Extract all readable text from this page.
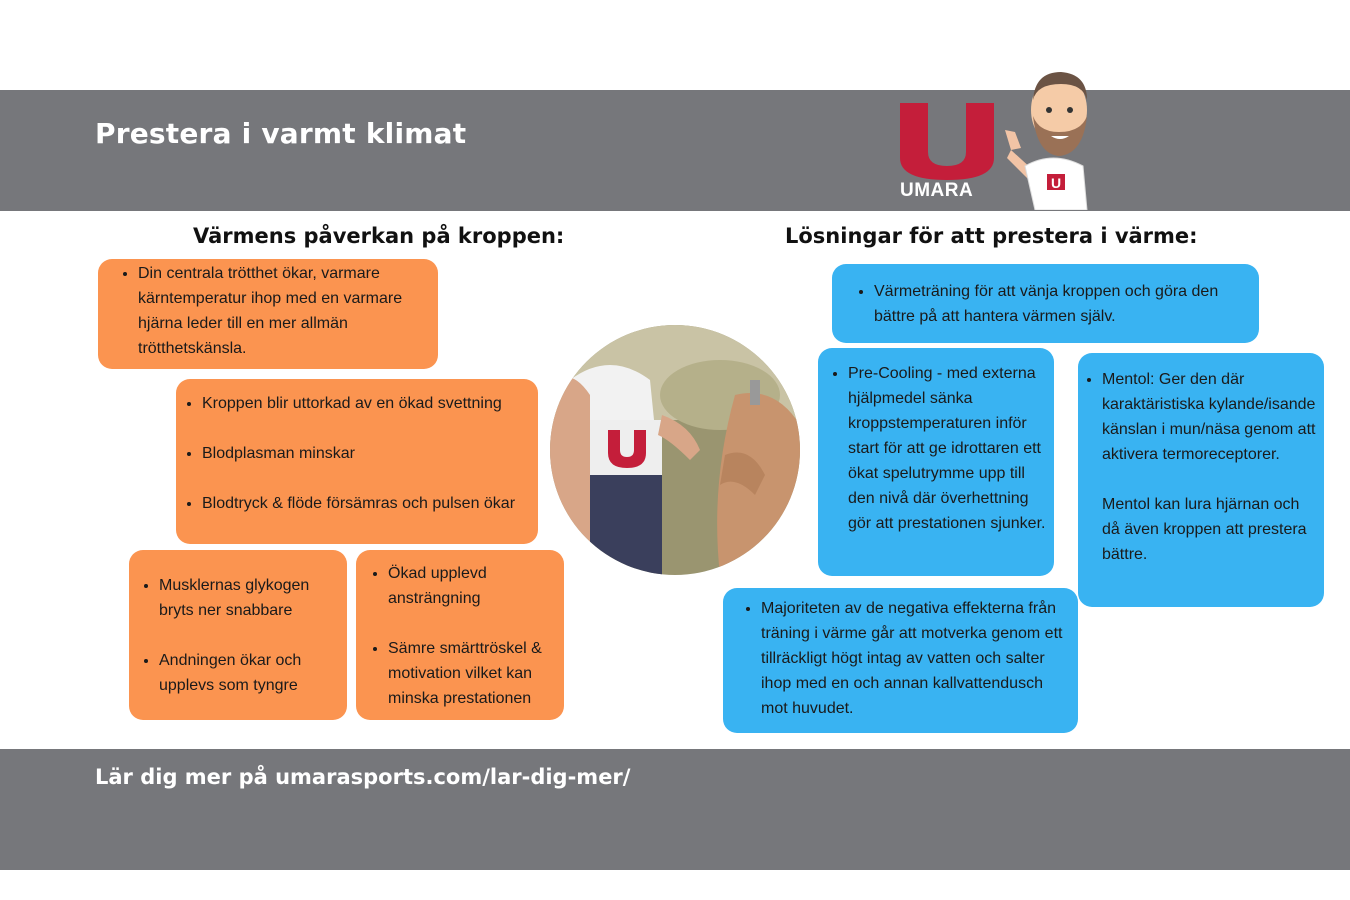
Prestera i varmt klimat
UMARA	U
Värmens påverkan på kroppen:	Lösningar för att prestera i värme:
• Din centrala trötthet ökar, varmare kärntemperatur ihop med en varmare hjärna leder till en mer allmän trötthetskänsla.
• Kroppen blir uttorkad av en ökad svettning
• Blodplasman minskar
• Blodtryck & flöde försämras och pulsen ökar
• Musklernas glykogen bryts ner snabbare
• Andningen ökar och upplevs som tyngre
• Ökad upplevd ansträngning
• Sämre smärttröskel & motivation vilket kan minska prestationen
• Värmeträning för att vänja kroppen och göra den bättre på att hantera värmen själv.
• Pre-Cooling - med externa hjälpmedel sänka kroppstemperaturen inför start för att ge idrottaren ett ökat spelutrymme upp till den nivå där överhettning gör att prestationen sjunker.
• Mentol: Ger den där karaktäristiska kylande/isande känslan i mun/näsa genom att aktivera termoreceptorer.
Mentol kan lura hjärnan och då även kroppen att prestera bättre.
• Majoriteten av de negativa effekterna från träning i värme går att motverka genom ett tillräckligt högt intag av vatten och salter ihop med en och annan kallvattendusch mot huvudet.
Lär dig mer på umarasports.com/lar-dig-mer/
